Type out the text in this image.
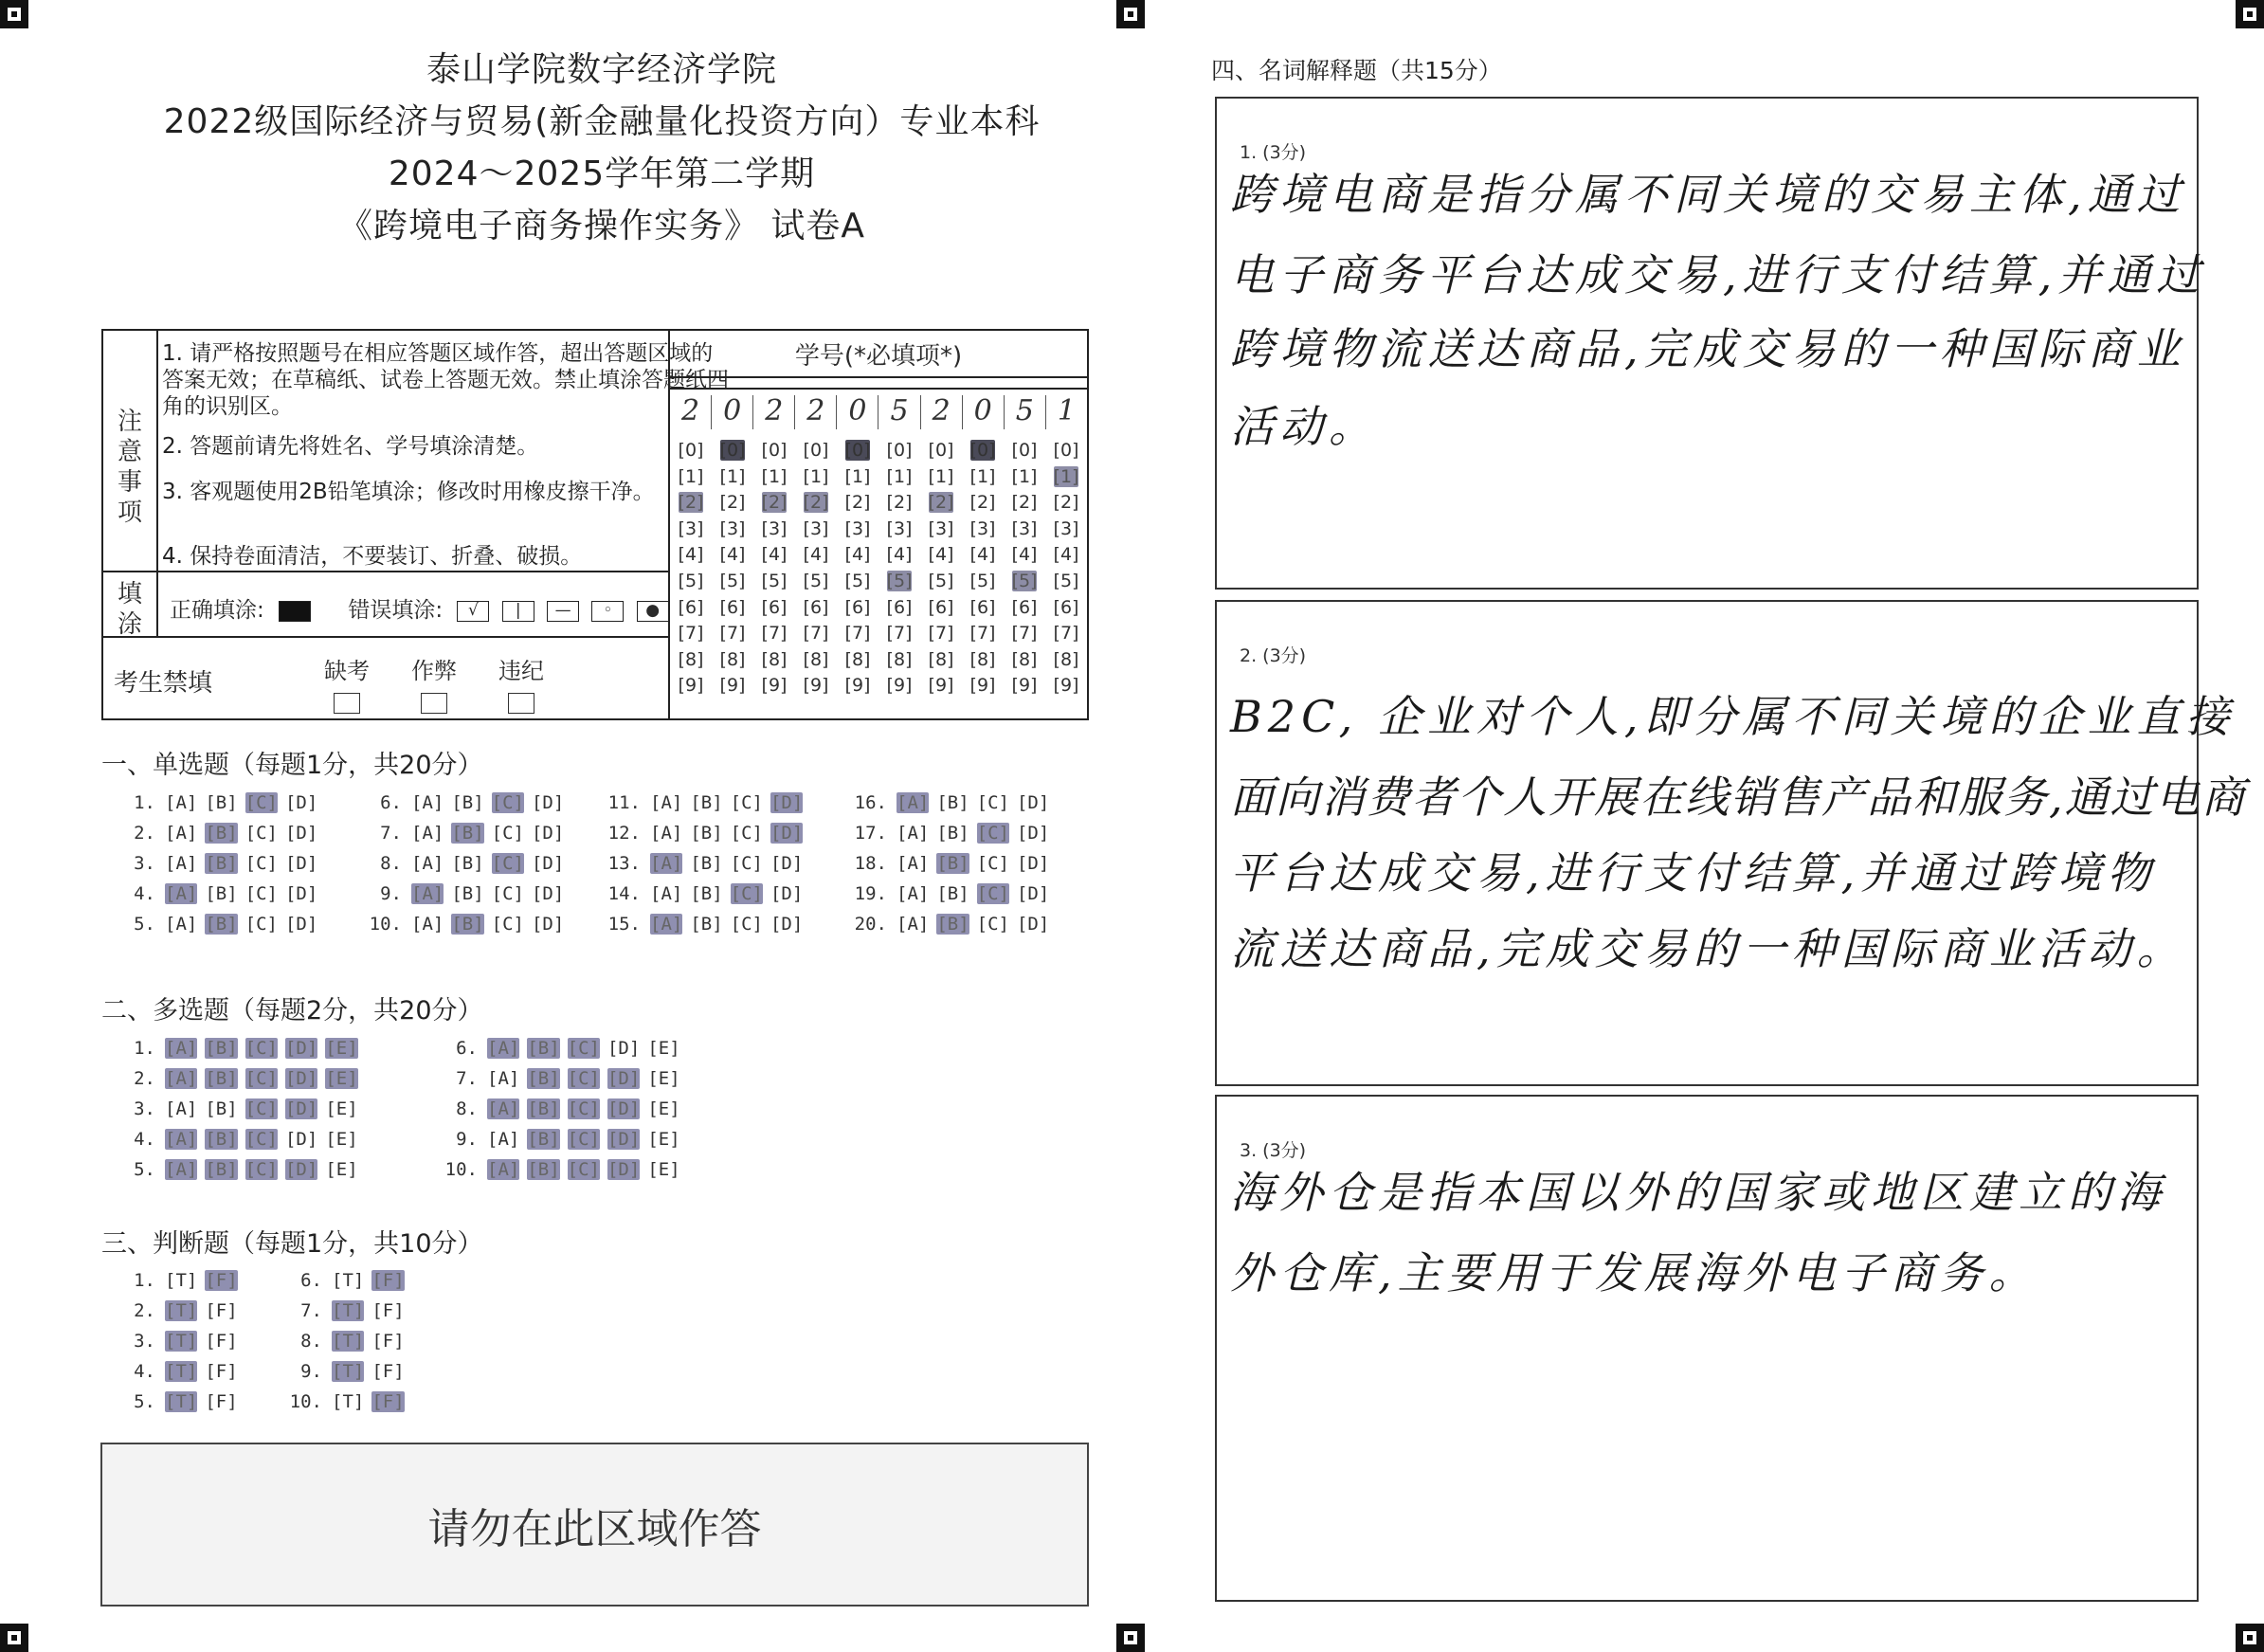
泰山学院数字经济学院
2022级国际经济与贸易(新金融量化投资方向）专业本科
2024～2025学年第二学期
《跨境电子商务操作实务》 试卷A
注意事项
填涂
1. 请严格按照题号在相应答题区域作答，超出答题区域的答案无效；在草稿纸、试卷上答题无效。禁止填涂答题纸四角的识别区。
2. 答题前请先将姓名、学号填涂清楚。
3. 客观题使用2B铅笔填涂；修改时用橡皮擦干净。
4. 保持卷面清洁，不要装订、折叠、破损。
正确填涂:	错误填涂: √ | — ◦ ●
考生禁填	缺考	作弊	违纪
学号(*必填项*)
2 0 2 2 0 5 2 0 5 1
[0] [0] [0] [0] [0] [0] [0] [0] [0] [0]
[1] [1] [1] [1] [1] [1] [1] [1] [1] [1]
[2] [2] [2] [2] [2] [2] [2] [2] [2] [2]
[3] [3] [3] [3] [3] [3] [3] [3] [3] [3]
[4] [4] [4] [4] [4] [4] [4] [4] [4] [4]
[5] [5] [5] [5] [5] [5] [5] [5] [5] [5]
[6] [6] [6] [6] [6] [6] [6] [6] [6] [6]
[7] [7] [7] [7] [7] [7] [7] [7] [7] [7]
[8] [8] [8] [8] [8] [8] [8] [8] [8] [8]
[9] [9] [9] [9] [9] [9] [9] [9] [9] [9]
一、单选题（每题1分，共20分）
1. [A] [B] [C] [D]
2. [A] [B] [C] [D]
3. [A] [B] [C] [D]
4. [A] [B] [C] [D]
5. [A] [B] [C] [D]
6. [A] [B] [C] [D]
7. [A] [B] [C] [D]
8. [A] [B] [C] [D]
9. [A] [B] [C] [D]
10. [A] [B] [C] [D]
11. [A] [B] [C] [D]
12. [A] [B] [C] [D]
13. [A] [B] [C] [D]
14. [A] [B] [C] [D]
15. [A] [B] [C] [D]
16. [A] [B] [C] [D]
17. [A] [B] [C] [D]
18. [A] [B] [C] [D]
19. [A] [B] [C] [D]
20. [A] [B] [C] [D]
二、多选题（每题2分，共20分）
1. [A] [B] [C] [D] [E]
2. [A] [B] [C] [D] [E]
3. [A] [B] [C] [D] [E]
4. [A] [B] [C] [D] [E]
5. [A] [B] [C] [D] [E]
6. [A] [B] [C] [D] [E]
7. [A] [B] [C] [D] [E]
8. [A] [B] [C] [D] [E]
9. [A] [B] [C] [D] [E]
10. [A] [B] [C] [D] [E]
三、判断题（每题1分，共10分）
1. [T] [F]
2. [T] [F]
3. [T] [F]
4. [T] [F]
5. [T] [F]
6. [T] [F]
7. [T] [F]
8. [T] [F]
9. [T] [F]
10. [T] [F]
请勿在此区域作答
四、名词解释题（共15分）
1. (3分)
跨境电商是指分属不同关境的交易主体,通过
电子商务平台达成交易,进行支付结算,并通过
跨境物流送达商品,完成交易的一种国际商业
活动。
2. (3分)
B2C, 企业对个人,即分属不同关境的企业直接
面向消费者个人开展在线销售产品和服务,通过电商
平台达成交易,进行支付结算,并通过跨境物
流送达商品,完成交易的一种国际商业活动。
3. (3分)
海外仓是指本国以外的国家或地区建立的海
外仓库,主要用于发展海外电子商务。
